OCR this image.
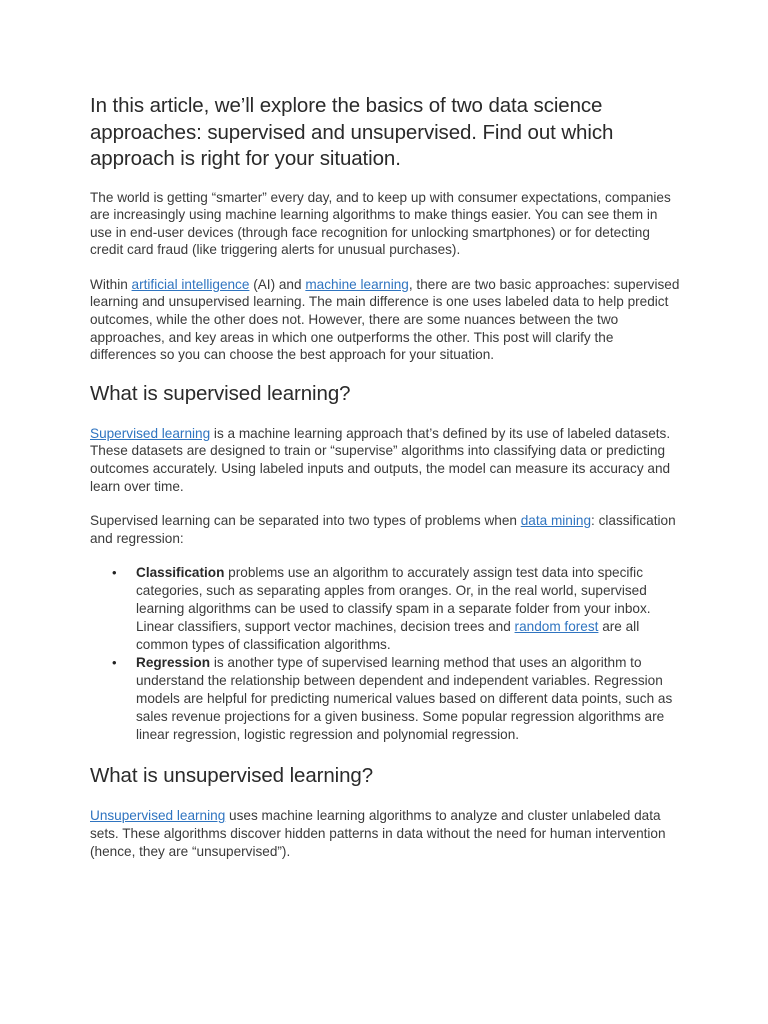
In this article, we’ll explore the basics of two data science approaches: supervised and unsupervised. Find out which approach is right for your situation.

The world is getting “smarter” every day, and to keep up with consumer expectations, companies are increasingly using machine learning algorithms to make things easier. You can see them in use in end-user devices (through face recognition for unlocking smartphones) or for detecting credit card fraud (like triggering alerts for unusual purchases).

Within artificial intelligence (AI) and machine learning, there are two basic approaches: supervised learning and unsupervised learning. The main difference is one uses labeled data to help predict outcomes, while the other does not. However, there are some nuances between the two approaches, and key areas in which one outperforms the other. This post will clarify the differences so you can choose the best approach for your situation.

What is supervised learning?

Supervised learning is a machine learning approach that’s defined by its use of labeled datasets. These datasets are designed to train or “supervise” algorithms into classifying data or predicting outcomes accurately. Using labeled inputs and outputs, the model can measure its accuracy and learn over time.

Supervised learning can be separated into two types of problems when data mining: classification and regression:

• Classification problems use an algorithm to accurately assign test data into specific categories, such as separating apples from oranges. Or, in the real world, supervised learning algorithms can be used to classify spam in a separate folder from your inbox. Linear classifiers, support vector machines, decision trees and random forest are all common types of classification algorithms.
• Regression is another type of supervised learning method that uses an algorithm to understand the relationship between dependent and independent variables. Regression models are helpful for predicting numerical values based on different data points, such as sales revenue projections for a given business. Some popular regression algorithms are linear regression, logistic regression and polynomial regression.
What is unsupervised learning?

Unsupervised learning uses machine learning algorithms to analyze and cluster unlabeled data sets. These algorithms discover hidden patterns in data without the need for human intervention (hence, they are “unsupervised”).
